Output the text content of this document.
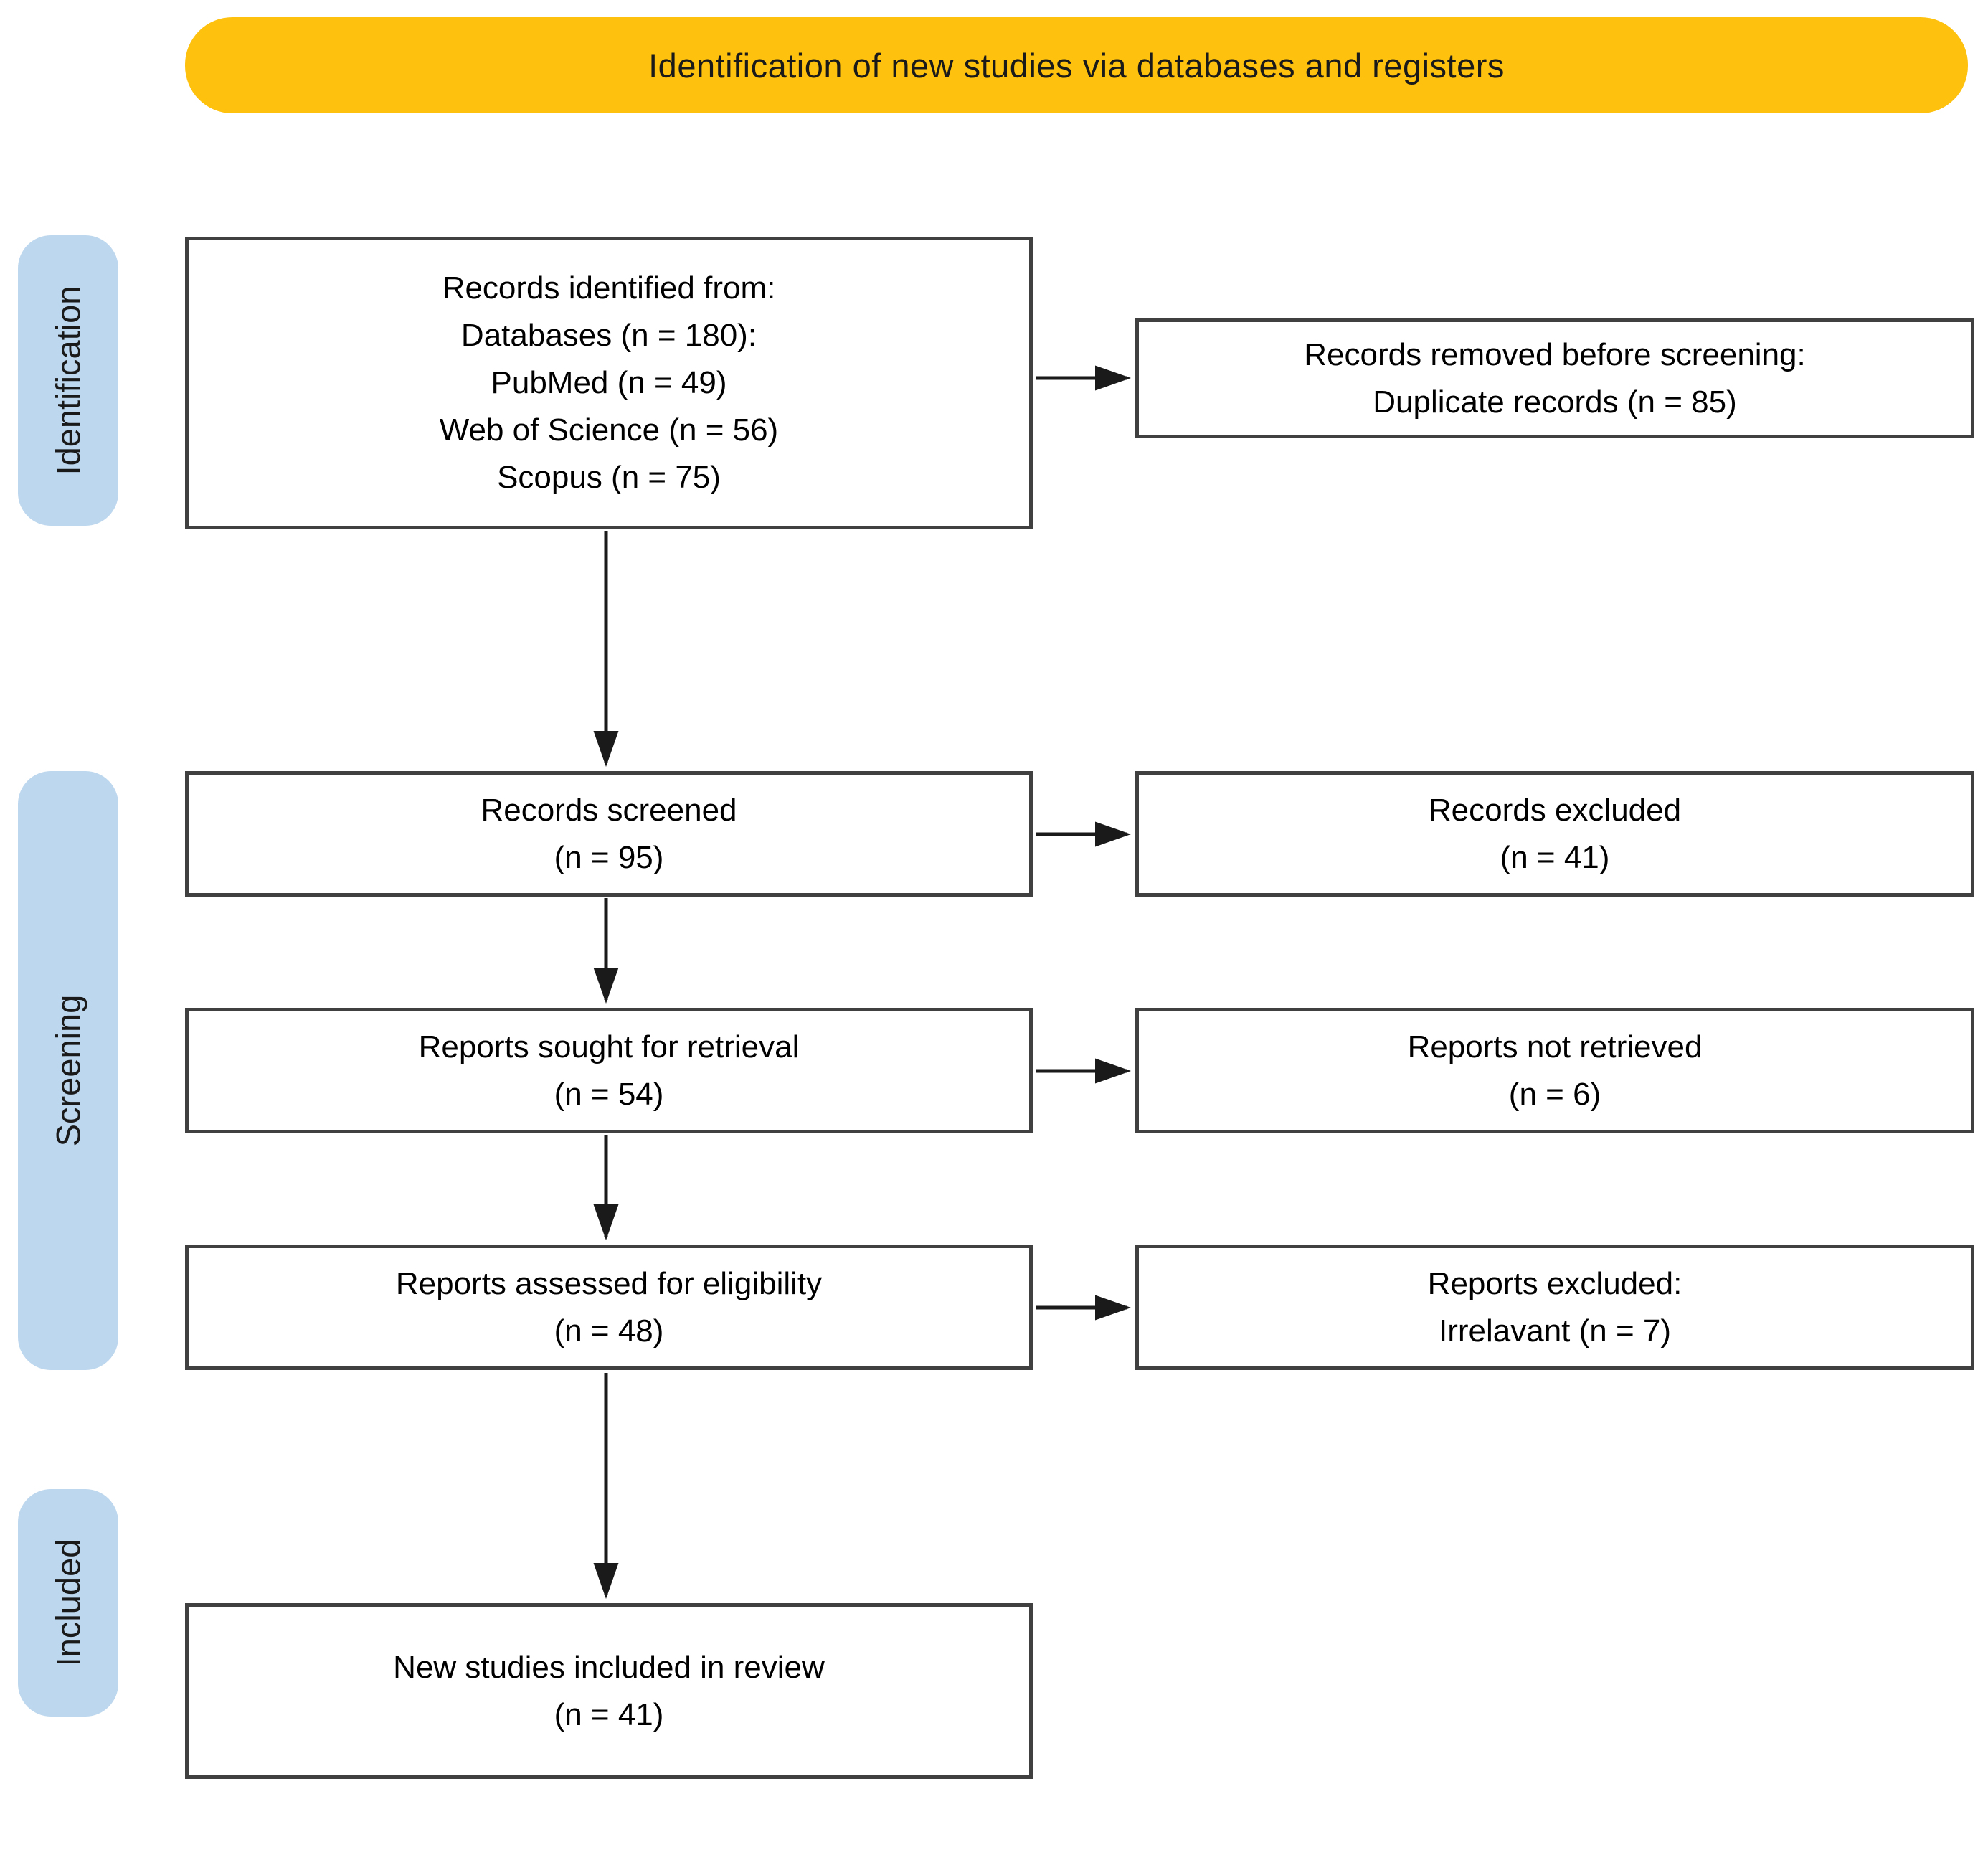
Identification of new studies via databases and registers
Identification
Screening
Included
Records identified from:
Databases (n = 180):
PubMed (n = 49)
Web of Science (n = 56)
Scopus (n = 75)
Records screened
(n = 95)
Reports sought for retrieval
(n = 54)
Reports assessed for eligibility
(n = 48)
New studies included in review
(n = 41)
Records removed before screening:
Duplicate records (n = 85)
Records excluded
(n = 41)
Reports not retrieved
(n = 6)
Reports excluded:
Irrelavant (n = 7)
